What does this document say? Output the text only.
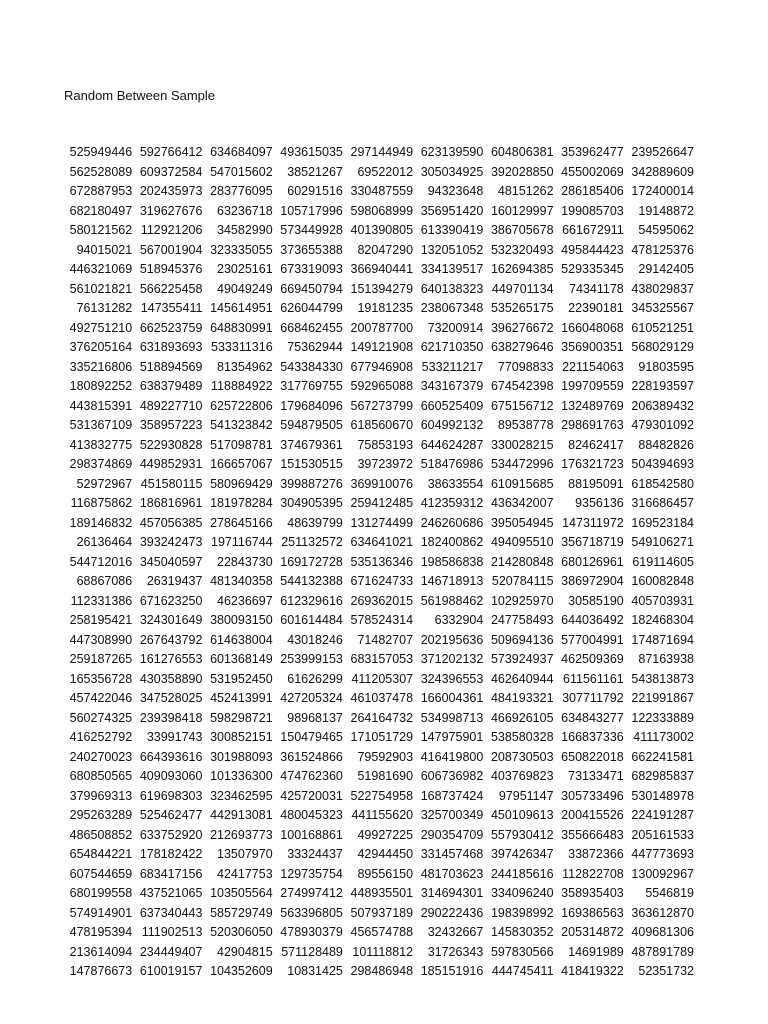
Random Between Sample
525949446	592766412	634684097	493615035	297144949	623139590	604806381	353962477	239526647
562528089	609372584	547015602	38521267	69522012	305034925	392028850	455002069	342889609
672887953	202435973	283776095	60291516	330487559	94323648	48151262	286185406	172400014
682180497	319627676	63236718	105717996	598068999	356951420	160129997	199085703	19148872
580121562	112921206	34582990	573449928	401390805	613390419	386705678	661672911	54595062
94015021	567001904	323335055	373655388	82047290	132051052	532320493	495844423	478125376
446321069	518945376	23025161	673319093	366940441	334139517	162694385	529335345	29142405
561021821	566225458	49049249	669450794	151394279	640138323	449701134	74341178	438029837
76131282	147355411	145614951	626044799	19181235	238067348	535265175	22390181	345325567
492751210	662523759	648830991	668462455	200787700	73200914	396276672	166048068	610521251
376205164	631893693	533311316	75362944	149121908	621710350	638279646	356900351	568029129
335216806	518894569	81354962	543384330	677946908	533211217	77098833	221154063	91803595
180892252	638379489	118884922	317769755	592965088	343167379	674542398	199709559	228193597
443815391	489227710	625722806	179684096	567273799	660525409	675156712	132489769	206389432
531367109	358957223	541323842	594879505	618560670	604992132	89538778	298691763	479301092
413832775	522930828	517098781	374679361	75853193	644624287	330028215	82462417	88482826
298374869	449852931	166657067	151530515	39723972	518476986	534472996	176321723	504394693
52972967	451580115	580969429	399887276	369910076	38633554	610915685	88195091	618542580
116875862	186816961	181978284	304905395	259412485	412359312	436342007	9356136	316686457
189146832	457056385	278645166	48639799	131274499	246260686	395054945	147311972	169523184
26136464	393242473	197116744	251132572	634641021	182400862	494095510	356718719	549106271
544712016	345040597	22843730	169172728	535136346	198586838	214280848	680126961	619114605
68867086	26319437	481340358	544132388	671624733	146718913	520784115	386972904	160082848
112331386	671623250	46236697	612329616	269362015	561988462	102925970	30585190	405703931
258195421	324301649	380093150	601614484	578524314	6332904	247758493	644036492	182468304
447308990	267643792	614638004	43018246	71482707	202195636	509694136	577004991	174871694
259187265	161276553	601368149	253999153	683157053	371202132	573924937	462509369	87163938
165356728	430358890	531952450	61626299	411205307	324396553	462640944	611561161	543813873
457422046	347528025	452413991	427205324	461037478	166004361	484193321	307711792	221991867
560274325	239398418	598298721	98968137	264164732	534998713	466926105	634843277	122333889
416252792	33991743	300852151	150479465	171051729	147975901	538580328	166837336	411173002
240270023	664393616	301988093	361524866	79592903	416419800	208730503	650822018	662241581
680850565	409093060	101336300	474762360	51981690	606736982	403769823	73133471	682985837
379969313	619698303	323462595	425720031	522754958	168737424	97951147	305733496	530148978
295263289	525462477	442913081	480045323	441155620	325700349	450109613	200415526	224191287
486508852	633752920	212693773	100168861	49927225	290354709	557930412	355666483	205161533
654844221	178182422	13507970	33324437	42944450	331457468	397426347	33872366	447773693
607544659	683417156	42417753	129735754	89556150	481703623	244185616	112822708	130092967
680199558	437521065	103505564	274997412	448935501	314694301	334096240	358935403	5546819
574914901	637340443	585729749	563396805	507937189	290222436	198398992	169386563	363612870
478195394	111902513	520306050	478930379	456574788	32432667	145830352	205314872	409681306
213614094	234449407	42904815	571128489	101118812	31726343	597830566	14691989	487891789
147876673	610019157	104352609	10831425	298486948	185151916	444745411	418419322	52351732
